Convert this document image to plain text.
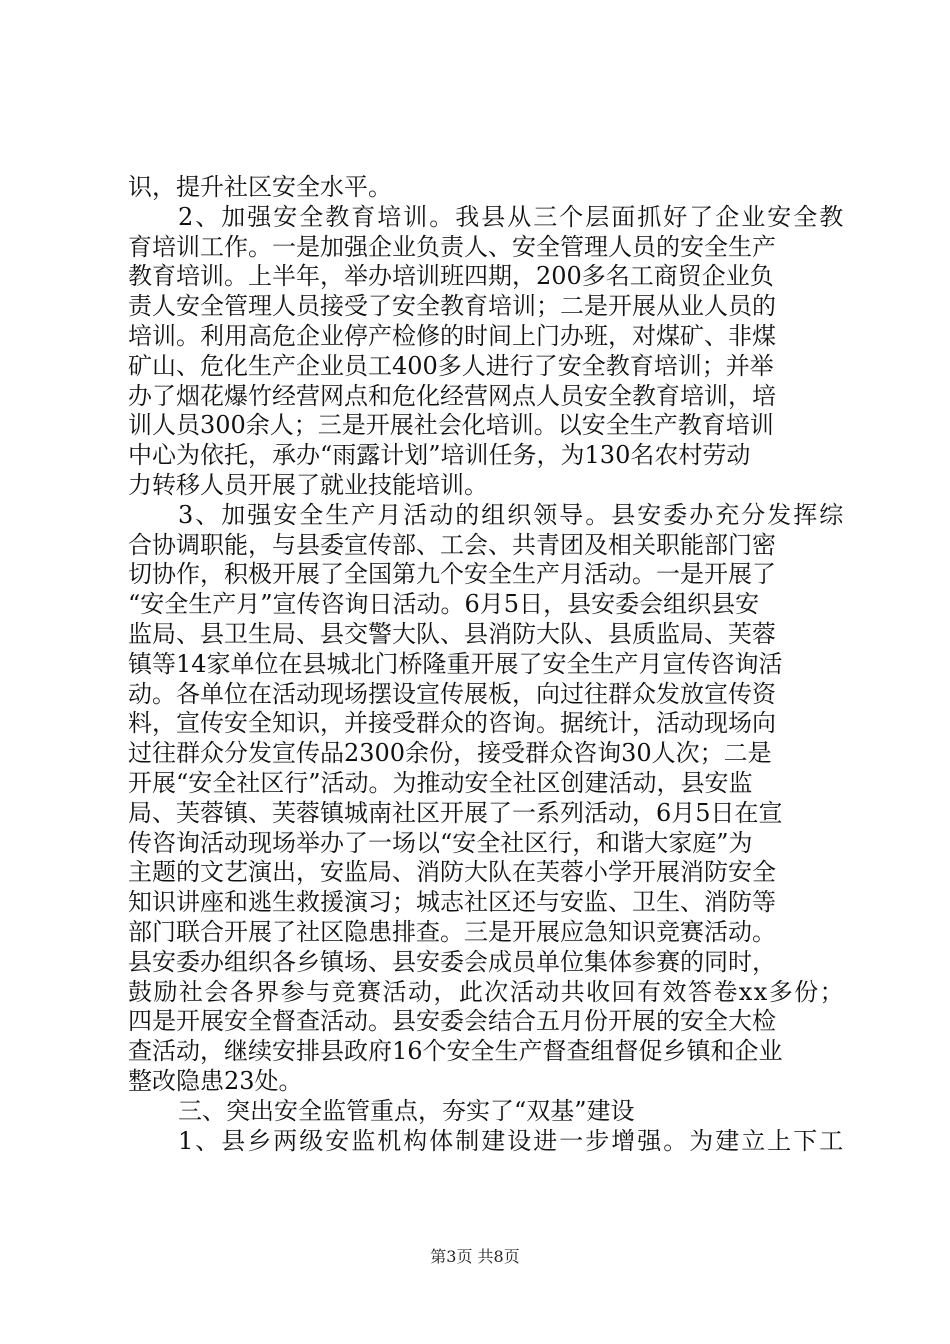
识，提升社区安全水平。
2、加强安全教育培训。我县从三个层面抓好了企业安全教
育培训工作。一是加强企业负责人、安全管理人员的安全生产
教育培训。上半年，举办培训班四期，200多名工商贸企业负
责人安全管理人员接受了安全教育培训；二是开展从业人员的
培训。利用高危企业停产检修的时间上门办班，对煤矿、非煤
矿山、危化生产企业员工400多人进行了安全教育培训；并举
办了烟花爆竹经营网点和危化经营网点人员安全教育培训，培
训人员300余人；三是开展社会化培训。以安全生产教育培训
中心为依托，承办“雨露计划”培训任务，为130名农村劳动
力转移人员开展了就业技能培训。
3、加强安全生产月活动的组织领导。县安委办充分发挥综
合协调职能，与县委宣传部、工会、共青团及相关职能部门密
切协作，积极开展了全国第九个安全生产月活动。一是开展了
“安全生产月”宣传咨询日活动。6月5日，县安委会组织县安
监局、县卫生局、县交警大队、县消防大队、县质监局、芙蓉
镇等14家单位在县城北门桥隆重开展了安全生产月宣传咨询活
动。各单位在活动现场摆设宣传展板，向过往群众发放宣传资
料，宣传安全知识，并接受群众的咨询。据统计，活动现场向
过往群众分发宣传品2300余份，接受群众咨询30人次；二是
开展“安全社区行”活动。为推动安全社区创建活动，县安监
局、芙蓉镇、芙蓉镇城南社区开展了一系列活动，6月5日在宣
传咨询活动现场举办了一场以“安全社区行，和谐大家庭”为
主题的文艺演出，安监局、消防大队在芙蓉小学开展消防安全
知识讲座和逃生救援演习；城志社区还与安监、卫生、消防等
部门联合开展了社区隐患排查。三是开展应急知识竞赛活动。
县安委办组织各乡镇场、县安委会成员单位集体参赛的同时，
鼓励社会各界参与竞赛活动，此次活动共收回有效答卷xx多份；
四是开展安全督查活动。县安委会结合五月份开展的安全大检
查活动，继续安排县政府16个安全生产督查组督促乡镇和企业
整改隐患23处。
三、突出安全监管重点，夯实了“双基”建设
1、县乡两级安监机构体制建设进一步增强。为建立上下工
第3页 共8页
